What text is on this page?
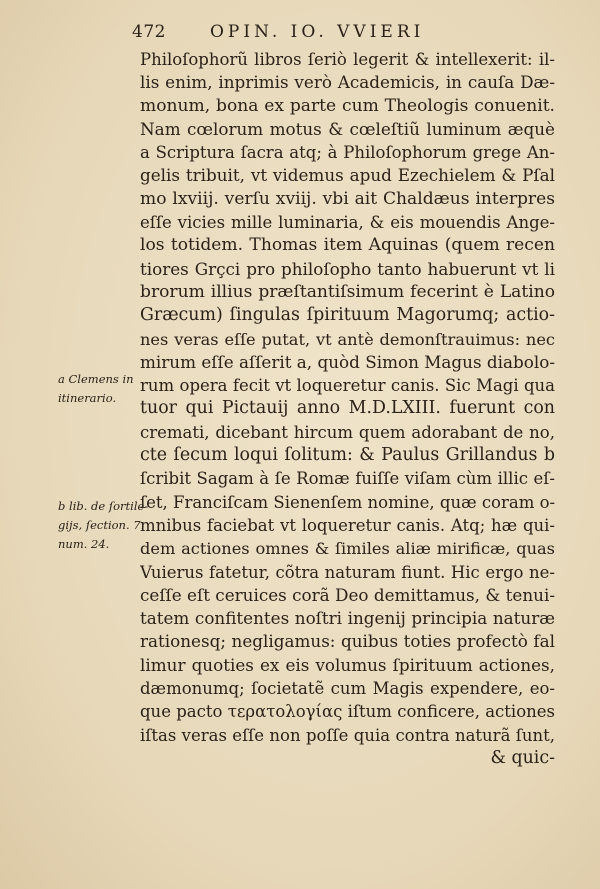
472	OPIN. IO. VVIERI
a Clemens in
itinerario.
b lib. de ſortile-
gijs, ſection. 7.
num. 24.
Philoſophorũ libros ſeriò legerit & intellexerit: il-
lis enim, inprimis verò Academicis, in cauſa Dæ-
monum, bona ex parte cum Theologis conuenit.
Nam cœlorum motus & cœleſtiũ luminum æquè
a Scriptura ſacra atq; à Philoſophorum grege An-
gelis tribuit, vt videmus apud Ezechielem & Pſal
mo lxviij. verſu xviij. vbi ait Chaldæus interpres
eſſe vicies mille luminaria, & eis mouendis Ange-
los totidem. Thomas item Aquinas (quem recen
tiores Grçci pro philoſopho tanto habuerunt vt li
brorum illius præſtantiſsimum fecerint è Latino
Græcum) ſingulas ſpirituum Magorumq; actio-
nes veras eſſe putat, vt antè demonſtrauimus: nec
mirum eſſe aſſerit a, quòd Simon Magus diabolo-
rum opera fecit vt loqueretur canis. Sic Magi qua
tuor qui Pictauij anno M.D.LXIII. fuerunt con
cremati, dicebant hircum quem adorabant de no,
cte ſecum loqui ſolitum: & Paulus Grillandus b
ſcribit Sagam à ſe Romæ fuiſſe viſam cùm illic eſ-
ſet, Franciſcam Sienenſem nomine, quæ coram o-
mnibus faciebat vt loqueretur canis. Atq; hæ qui-
dem actiones omnes & ſimiles aliæ mirificæ, quas
Vuierus fatetur, cõtra naturam fiunt. Hic ergo ne-
ceſſe eſt ceruices corã Deo demittamus, & tenui-
tatem confitentes noſtri ingenij principia naturæ
rationesq; negligamus: quibus toties profectò fal
limur quoties ex eis volumus ſpirituum actiones,
dæmonumq; ſocietatẽ cum Magis expendere, eo-
que pacto τερατολογίας iſtum conficere, actiones
iſtas veras eſſe non poſſe quia contra naturã ſunt,
& quic-
